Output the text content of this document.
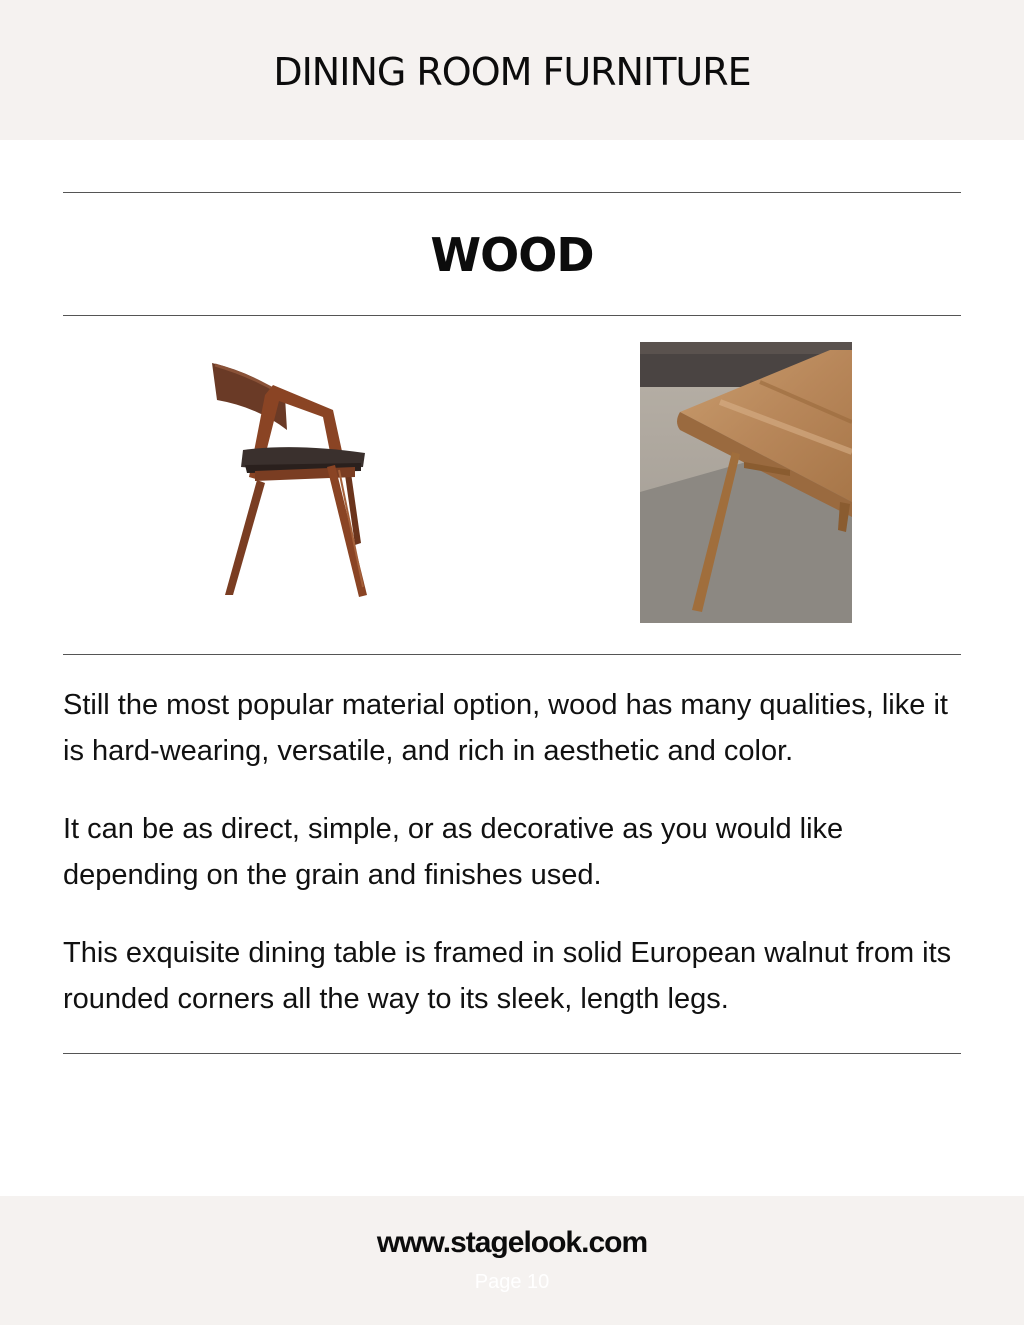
DINING ROOM FURNITURE
WOOD

Still the most popular material option, wood has many qualities, like it is hard-wearing, versatile, and rich in aesthetic and color.

It can be as direct, simple, or as decorative as you would like depending on the grain and finishes used.

This exquisite dining table is framed in solid European walnut from its rounded corners all the way to its sleek, length legs.

www.stagelook.com
Page 10
